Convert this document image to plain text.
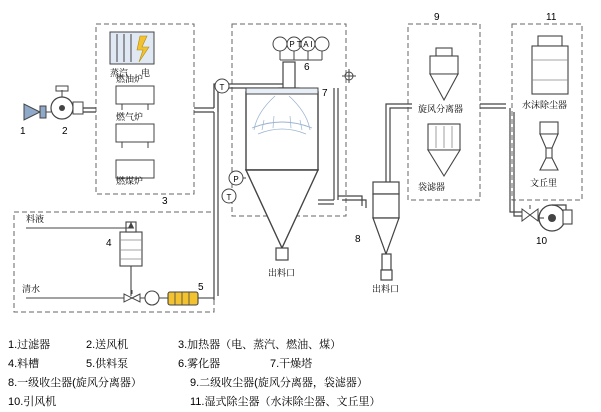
3
9	11
1	2
蒸汽 电
燃油炉
燃气炉
燃煤炉
T
P T A I
6
出料口
7
P
8
出料口
旋风分离器
袋滤器
水沫除尘器
文丘里
10
4
料液
清水	5
T
1.过滤器	2.送风机	3.加热器（电、蒸汽、燃油、煤）
4.料槽	5.供料泵	6.雾化器	7.干燥塔
8.一级收尘器(旋风分离器）	9.二级收尘器(旋风分离器，袋滤器）
10.引风机	11.湿式除尘器（水沫除尘器、文丘里）
